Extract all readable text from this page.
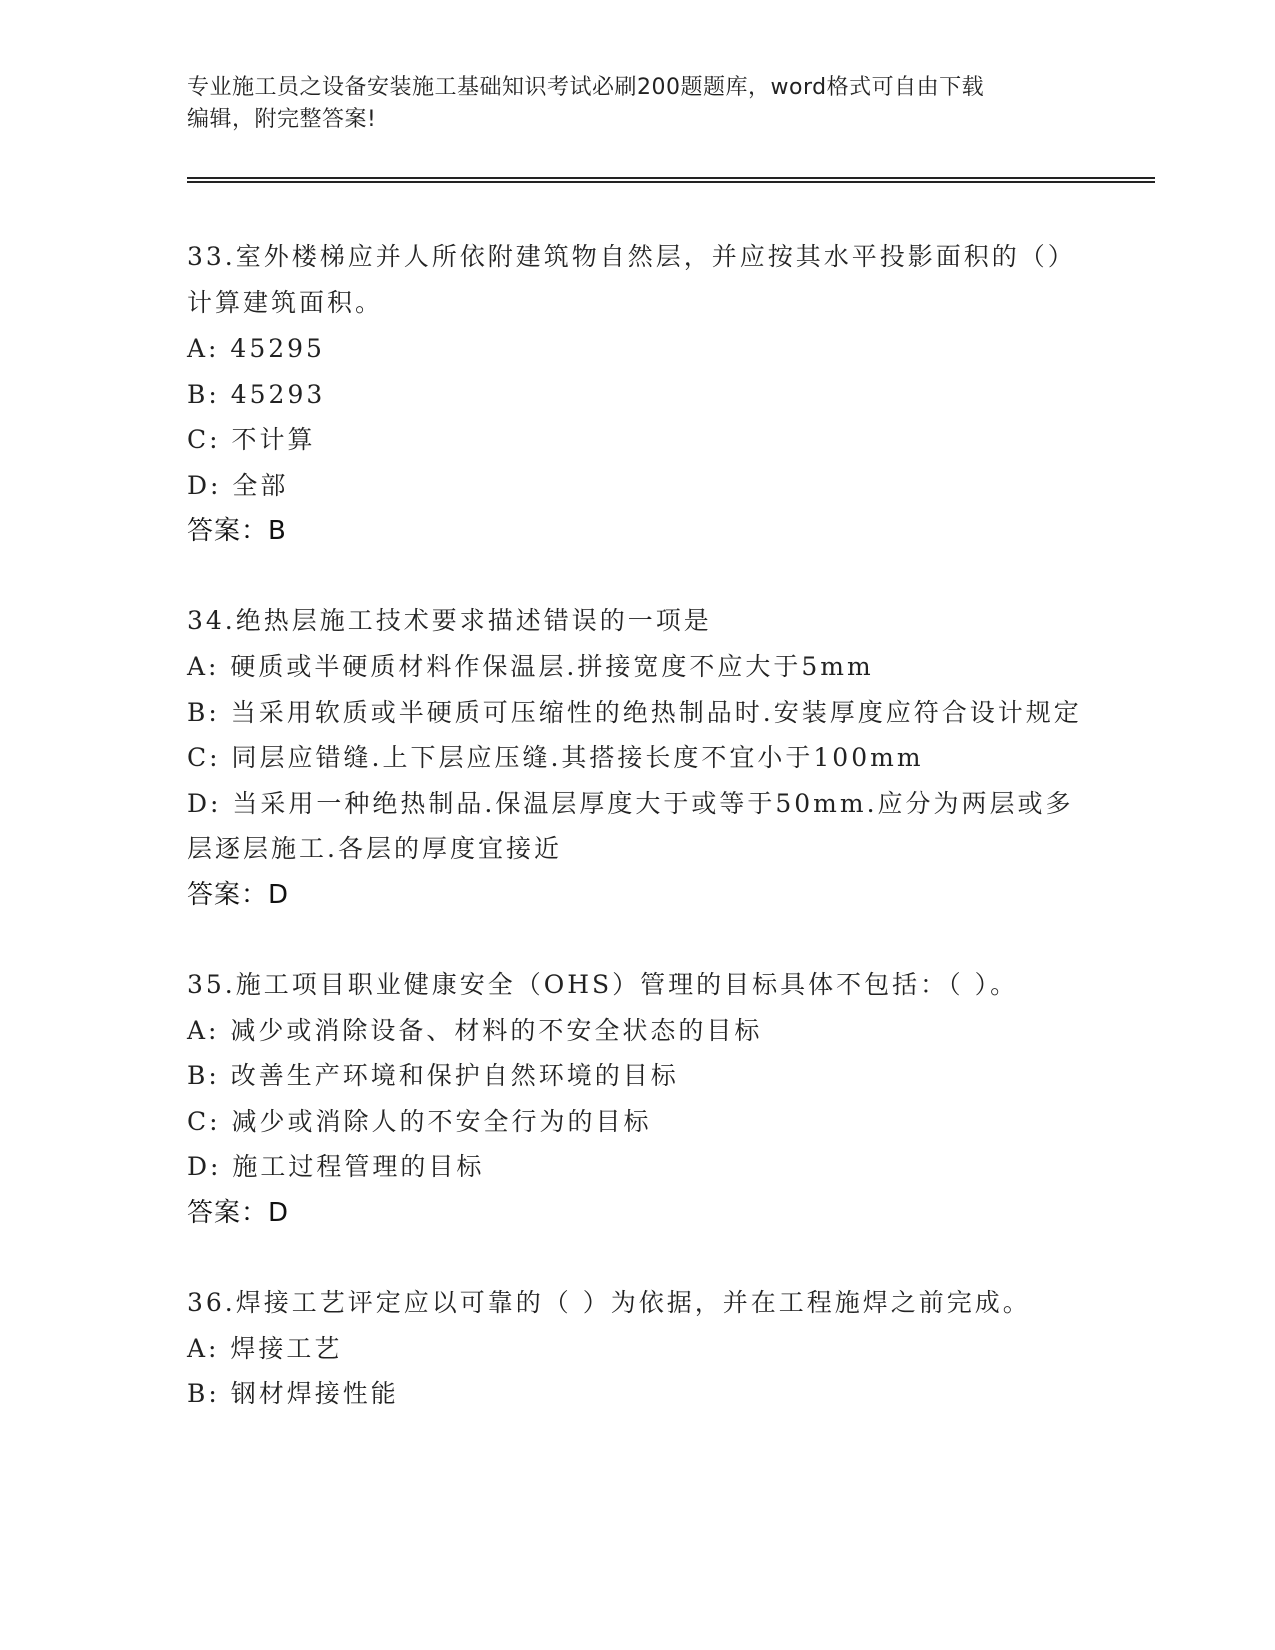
专业施工员之设备安装施工基础知识考试必刷200题题库，word格式可自由下载
编辑，附完整答案!
33.室外楼梯应并人所依附建筑物自然层，并应按其水平投影面积的（）计算建筑面积。
A: 45295
B: 45293
C: 不计算
D: 全部
答案：B
34.绝热层施工技术要求描述错误的一项是
A: 硬质或半硬质材料作保温层.拼接宽度不应大于5mm
B: 当采用软质或半硬质可压缩性的绝热制品时.安装厚度应符合设计规定
C: 同层应错缝.上下层应压缝.其搭接长度不宜小于100mm
D: 当采用一种绝热制品.保温层厚度大于或等于50mm.应分为两层或多层逐层施工.各层的厚度宜接近
答案：D
35.施工项目职业健康安全（OHS）管理的目标具体不包括：（ ）。
A: 减少或消除设备、材料的不安全状态的目标
B: 改善生产环境和保护自然环境的目标
C: 减少或消除人的不安全行为的目标
D: 施工过程管理的目标
答案：D
36.焊接工艺评定应以可靠的（ ）为依据，并在工程施焊之前完成。
A: 焊接工艺
B: 钢材焊接性能
